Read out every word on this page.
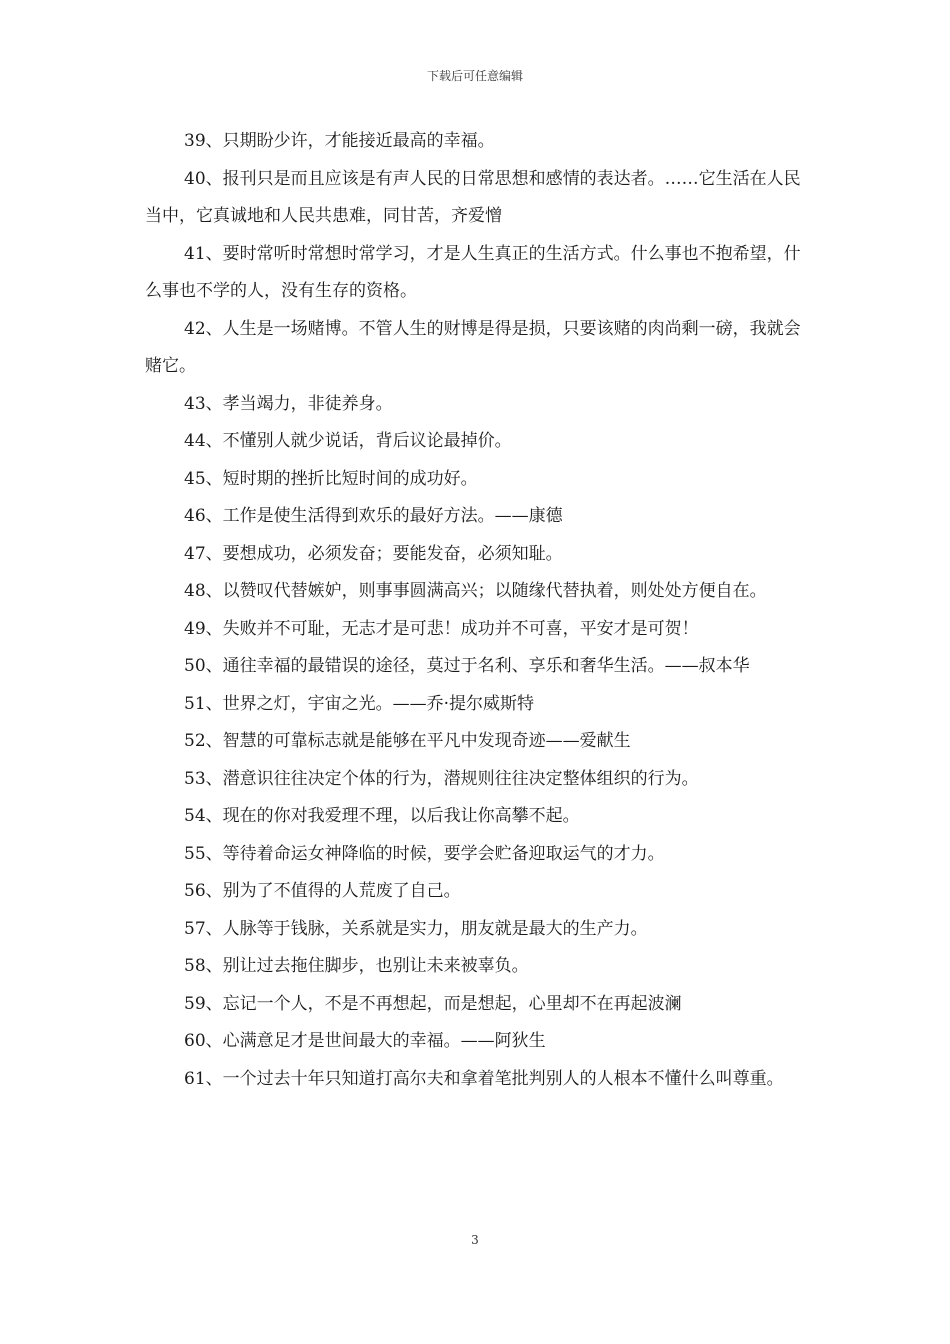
下载后可任意编辑

39、只期盼少许，才能接近最高的幸福。

40、报刊只是而且应该是有声人民的日常思想和感情的表达者。……它生活在人民当中，它真诚地和人民共患难，同甘苦，齐爱憎

41、要时常听时常想时常学习，才是人生真正的生活方式。什么事也不抱希望，什么事也不学的人，没有生存的资格。

42、人生是一场赌博。不管人生的财博是得是损，只要该赌的肉尚剩一磅，我就会赌它。

43、孝当竭力，非徒养身。

44、不懂别人就少说话，背后议论最掉价。

45、短时期的挫折比短时间的成功好。

46、工作是使生活得到欢乐的最好方法。——康德

47、要想成功，必须发奋；要能发奋，必须知耻。

48、以赞叹代替嫉妒，则事事圆满高兴；以随缘代替执着，则处处方便自在。

49、失败并不可耻，无志才是可悲！成功并不可喜，平安才是可贺！

50、通往幸福的最错误的途径，莫过于名利、享乐和奢华生活。——叔本华

51、世界之灯，宇宙之光。——乔·提尔威斯特

52、智慧的可靠标志就是能够在平凡中发现奇迹——爱献生

53、潜意识往往决定个体的行为，潜规则往往决定整体组织的行为。

54、现在的你对我爱理不理，以后我让你高攀不起。

55、等待着命运女神降临的时候，要学会贮备迎取运气的才力。

56、别为了不值得的人荒废了自己。

57、人脉等于钱脉，关系就是实力，朋友就是最大的生产力。

58、别让过去拖住脚步，也别让未来被辜负。

59、忘记一个人，不是不再想起，而是想起，心里却不在再起波澜

60、心满意足才是世间最大的幸福。——阿狄生

61、一个过去十年只知道打高尔夫和拿着笔批判别人的人根本不懂什么叫尊重。

3
